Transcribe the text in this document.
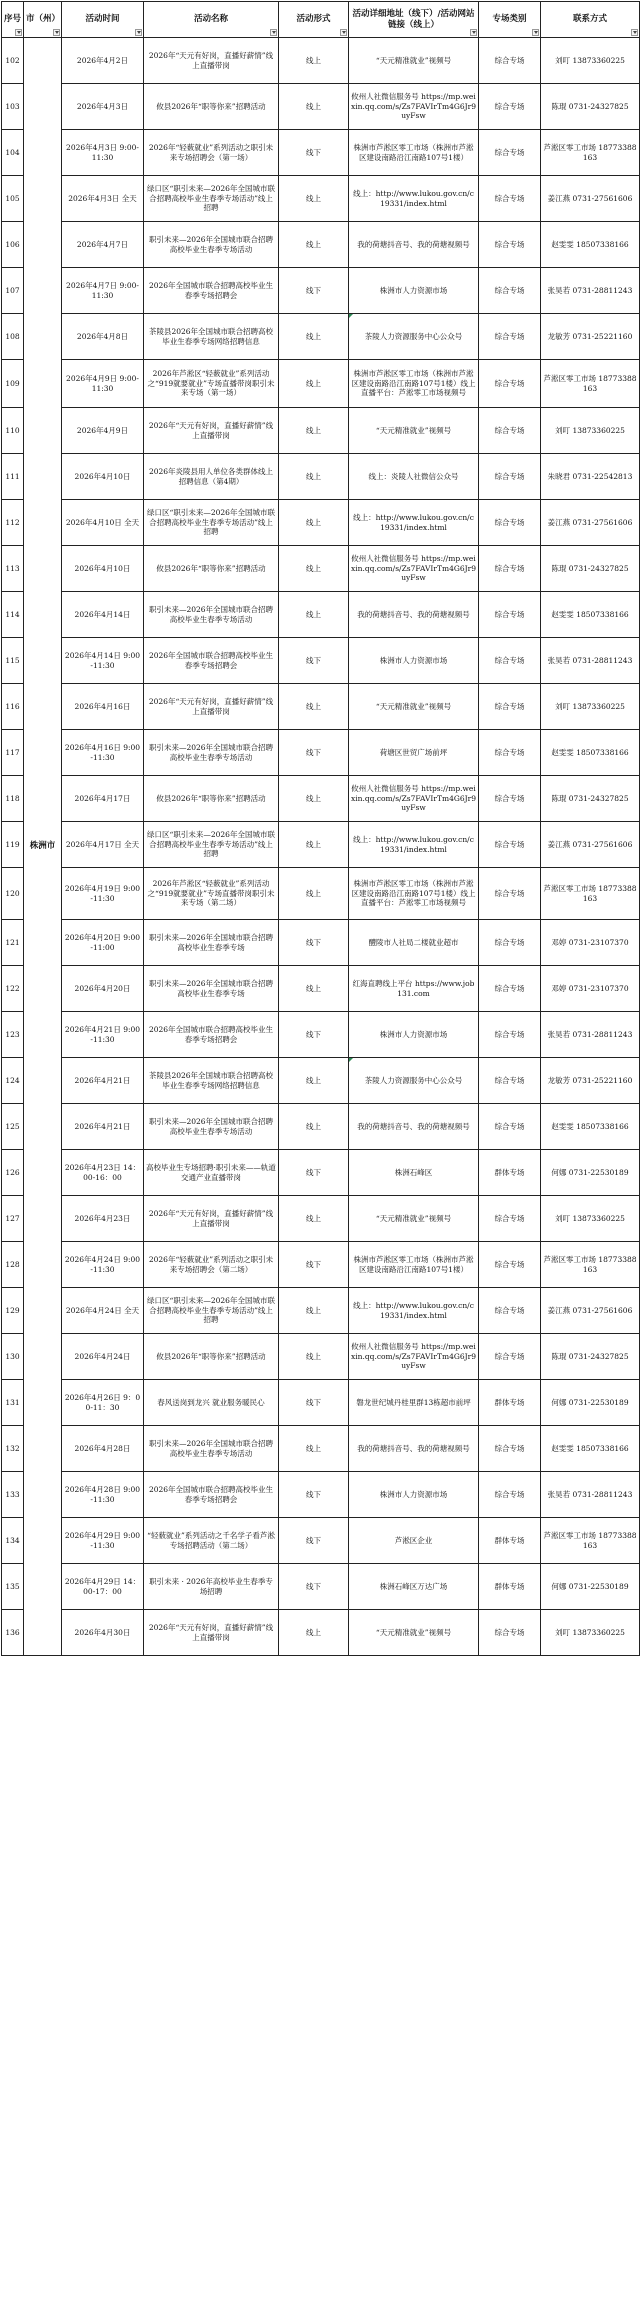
序号	市（州）	活动时间	活动名称	活动形式	活动详细地址（线下）/活动网站链接（线上）	专场类别	联系方式

102	株洲市	2026年4月2日	2026年“天元有好岗，直播好薪情”线上直播带岗	线上	“天元精准就业”视频号	综合专场	刘叮 13873360225
103		2026年4月3日	攸县2026年“职等你来”招聘活动	线上	攸州人社微信服务号 https://mp.weixin.qq.com/s/Zs7FAVIrTm4G6Jr9uyFsw	综合专场	陈琨 0731-24327825
104		2026年4月3日 9:00-11:30	2026年“轻薮就业”系列活动之职引未来专场招聘会（第一场）	线下	株洲市芦淞区零工市场（株洲市芦淞区建设南路沿江南路107号1楼）	综合专场	芦淞区零工市场 18773388163
105		2026年4月3日 全天	绿口区“职引未来—2026年全国城市联合招聘高校毕业生春季专场活动”线上招聘	线上	线上：http://www.lukou.gov.cn/c19331/index.html	综合专场	姜江燕 0731-27561606
106		2026年4月7日	职引未来—2026年全国城市联合招聘高校毕业生春季专场活动	线上	我的荷塘抖音号、我的荷塘视频号	综合专场	赵雯雯 18507338166
107		2026年4月7日 9:00-11:30	2026年全国城市联合招聘高校毕业生春季专场招聘会	线下	株洲市人力资源市场	综合专场	张昊若 0731-28811243
108		2026年4月8日	茶陵县2026年全国城市联合招聘高校毕业生春季专场网络招聘信息	线上	茶陵人力资源服务中心公众号	综合专场	龙敏芳 0731-25221160
109		2026年4月9日 9:00-11:30	2026年芦淞区“轻薮就业”系列活动之“919就要就业”专场直播带岗职引未来专场（第一场）	线上	株洲市芦淞区零工市场（株洲市芦淞区建设南路沿江南路107号1楼）线上直播平台：芦淞零工市场视频号	综合专场	芦淞区零工市场 18773388163
110		2026年4月9日	2026年“天元有好岗，直播好薪情”线上直播带岗	线上	“天元精准就业”视频号	综合专场	刘叮 13873360225
111		2026年4月10日	2026年炎陵县用人单位各类群体线上招聘信息（第4期）	线上	线上：炎陵人社微信公众号	综合专场	朱晓君 0731-22542813
112		2026年4月10日 全天	绿口区“职引未来—2026年全国城市联合招聘高校毕业生春季专场活动”线上招聘	线上	线上：http://www.lukou.gov.cn/c19331/index.html	综合专场	姜江燕 0731-27561606
113		2026年4月10日	攸县2026年“职等你来”招聘活动	线上	攸州人社微信服务号 https://mp.weixin.qq.com/s/Zs7FAVIrTm4G6Jr9uyFsw	综合专场	陈琨 0731-24327825
114		2026年4月14日	职引未来—2026年全国城市联合招聘高校毕业生春季专场活动	线上	我的荷塘抖音号、我的荷塘视频号	综合专场	赵雯雯 18507338166
115		2026年4月14日 9:00-11:30	2026年全国城市联合招聘高校毕业生春季专场招聘会	线下	株洲市人力资源市场	综合专场	张昊若 0731-28811243
116		2026年4月16日	2026年“天元有好岗，直播好薪情”线上直播带岗	线上	“天元精准就业”视频号	综合专场	刘叮 13873360225
117		2026年4月16日 9:00-11:30	职引未来—2026年全国城市联合招聘高校毕业生春季专场活动	线下	荷塘区世贸广场前坪	综合专场	赵雯雯 18507338166
118		2026年4月17日	攸县2026年“职等你来”招聘活动	线上	攸州人社微信服务号 https://mp.weixin.qq.com/s/Zs7FAVIrTm4G6Jr9uyFsw	综合专场	陈琨 0731-24327825
119		2026年4月17日 全天	绿口区“职引未来—2026年全国城市联合招聘高校毕业生春季专场活动”线上招聘	线上	线上：http://www.lukou.gov.cn/c19331/index.html	综合专场	姜江燕 0731-27561606
120		2026年4月19日 9:00-11:30	2026年芦淞区“轻薮就业”系列活动之“919就要就业”专场直播带岗职引未来专场（第二场）	线上	株洲市芦淞区零工市场（株洲市芦淞区建设南路沿江南路107号1楼）线上直播平台：芦淞零工市场视频号	综合专场	芦淞区零工市场 18773388163
121		2026年4月20日 9:00-11:00	职引未来—2026年全国城市联合招聘高校毕业生春季专场	线下	醴陵市人社局二楼就业超市	综合专场	邓婷 0731-23107370
122		2026年4月20日	职引未来—2026年全国城市联合招聘高校毕业生春季专场	线上	红海直聘线上平台 https://www.job131.com	综合专场	邓婷 0731-23107370
123		2026年4月21日 9:00-11:30	2026年全国城市联合招聘高校毕业生春季专场招聘会	线下	株洲市人力资源市场	综合专场	张昊若 0731-28811243
124		2026年4月21日	茶陵县2026年全国城市联合招聘高校毕业生春季专场网络招聘信息	线上	茶陵人力资源服务中心公众号	综合专场	龙敏芳 0731-25221160
125		2026年4月21日	职引未来—2026年全国城市联合招聘高校毕业生春季专场活动	线上	我的荷塘抖音号、我的荷塘视频号	综合专场	赵雯雯 18507338166
126		2026年4月23日 14：00-16：00	高校毕业生专场招聘·职引未来——轨道交通产业直播带岗	线下	株洲石峰区	群体专场	何娜 0731-22530189
127		2026年4月23日	2026年“天元有好岗，直播好薪情”线上直播带岗	线上	“天元精准就业”视频号	综合专场	刘叮 13873360225
128		2026年4月24日 9:00-11:30	2026年“轻薮就业”系列活动之职引未来专场招聘会（第二场）	线下	株洲市芦淞区零工市场（株洲市芦淞区建设南路沿江南路107号1楼）	综合专场	芦淞区零工市场 18773388163
129		2026年4月24日 全天	绿口区“职引未来—2026年全国城市联合招聘高校毕业生春季专场活动”线上招聘	线上	线上：http://www.lukou.gov.cn/c19331/index.html	综合专场	姜江燕 0731-27561606
130		2026年4月24日	攸县2026年“职等你来”招聘活动	线上	攸州人社微信服务号 https://mp.weixin.qq.com/s/Zs7FAVIrTm4G6Jr9uyFsw	综合专场	陈琨 0731-24327825
131		2026年4月26日 9：00-11：30	春风送岗到龙兴 就业服务暖民心	线下	磐龙世纪城丹桂里群13栋超市前坪	群体专场	何娜 0731-22530189
132		2026年4月28日	职引未来—2026年全国城市联合招聘高校毕业生春季专场活动	线上	我的荷塘抖音号、我的荷塘视频号	综合专场	赵雯雯 18507338166
133		2026年4月28日 9:00-11:30	2026年全国城市联合招聘高校毕业生春季专场招聘会	线下	株洲市人力资源市场	综合专场	张昊若 0731-28811243
134		2026年4月29日 9:00-11:30	“轻薮就业”系列活动之千名学子看芦淞专场招聘活动（第二场）	线下	芦淞区企业	群体专场	芦淞区零工市场 18773388163
135		2026年4月29日 14：00-17：00	职引未来 · 2026年高校毕业生春季专场招聘	线下	株洲石峰区万达广场	群体专场	何娜 0731-22530189
136		2026年4月30日	2026年“天元有好岗，直播好薪情”线上直播带岗	线上	“天元精准就业”视频号	综合专场	刘叮 13873360225
